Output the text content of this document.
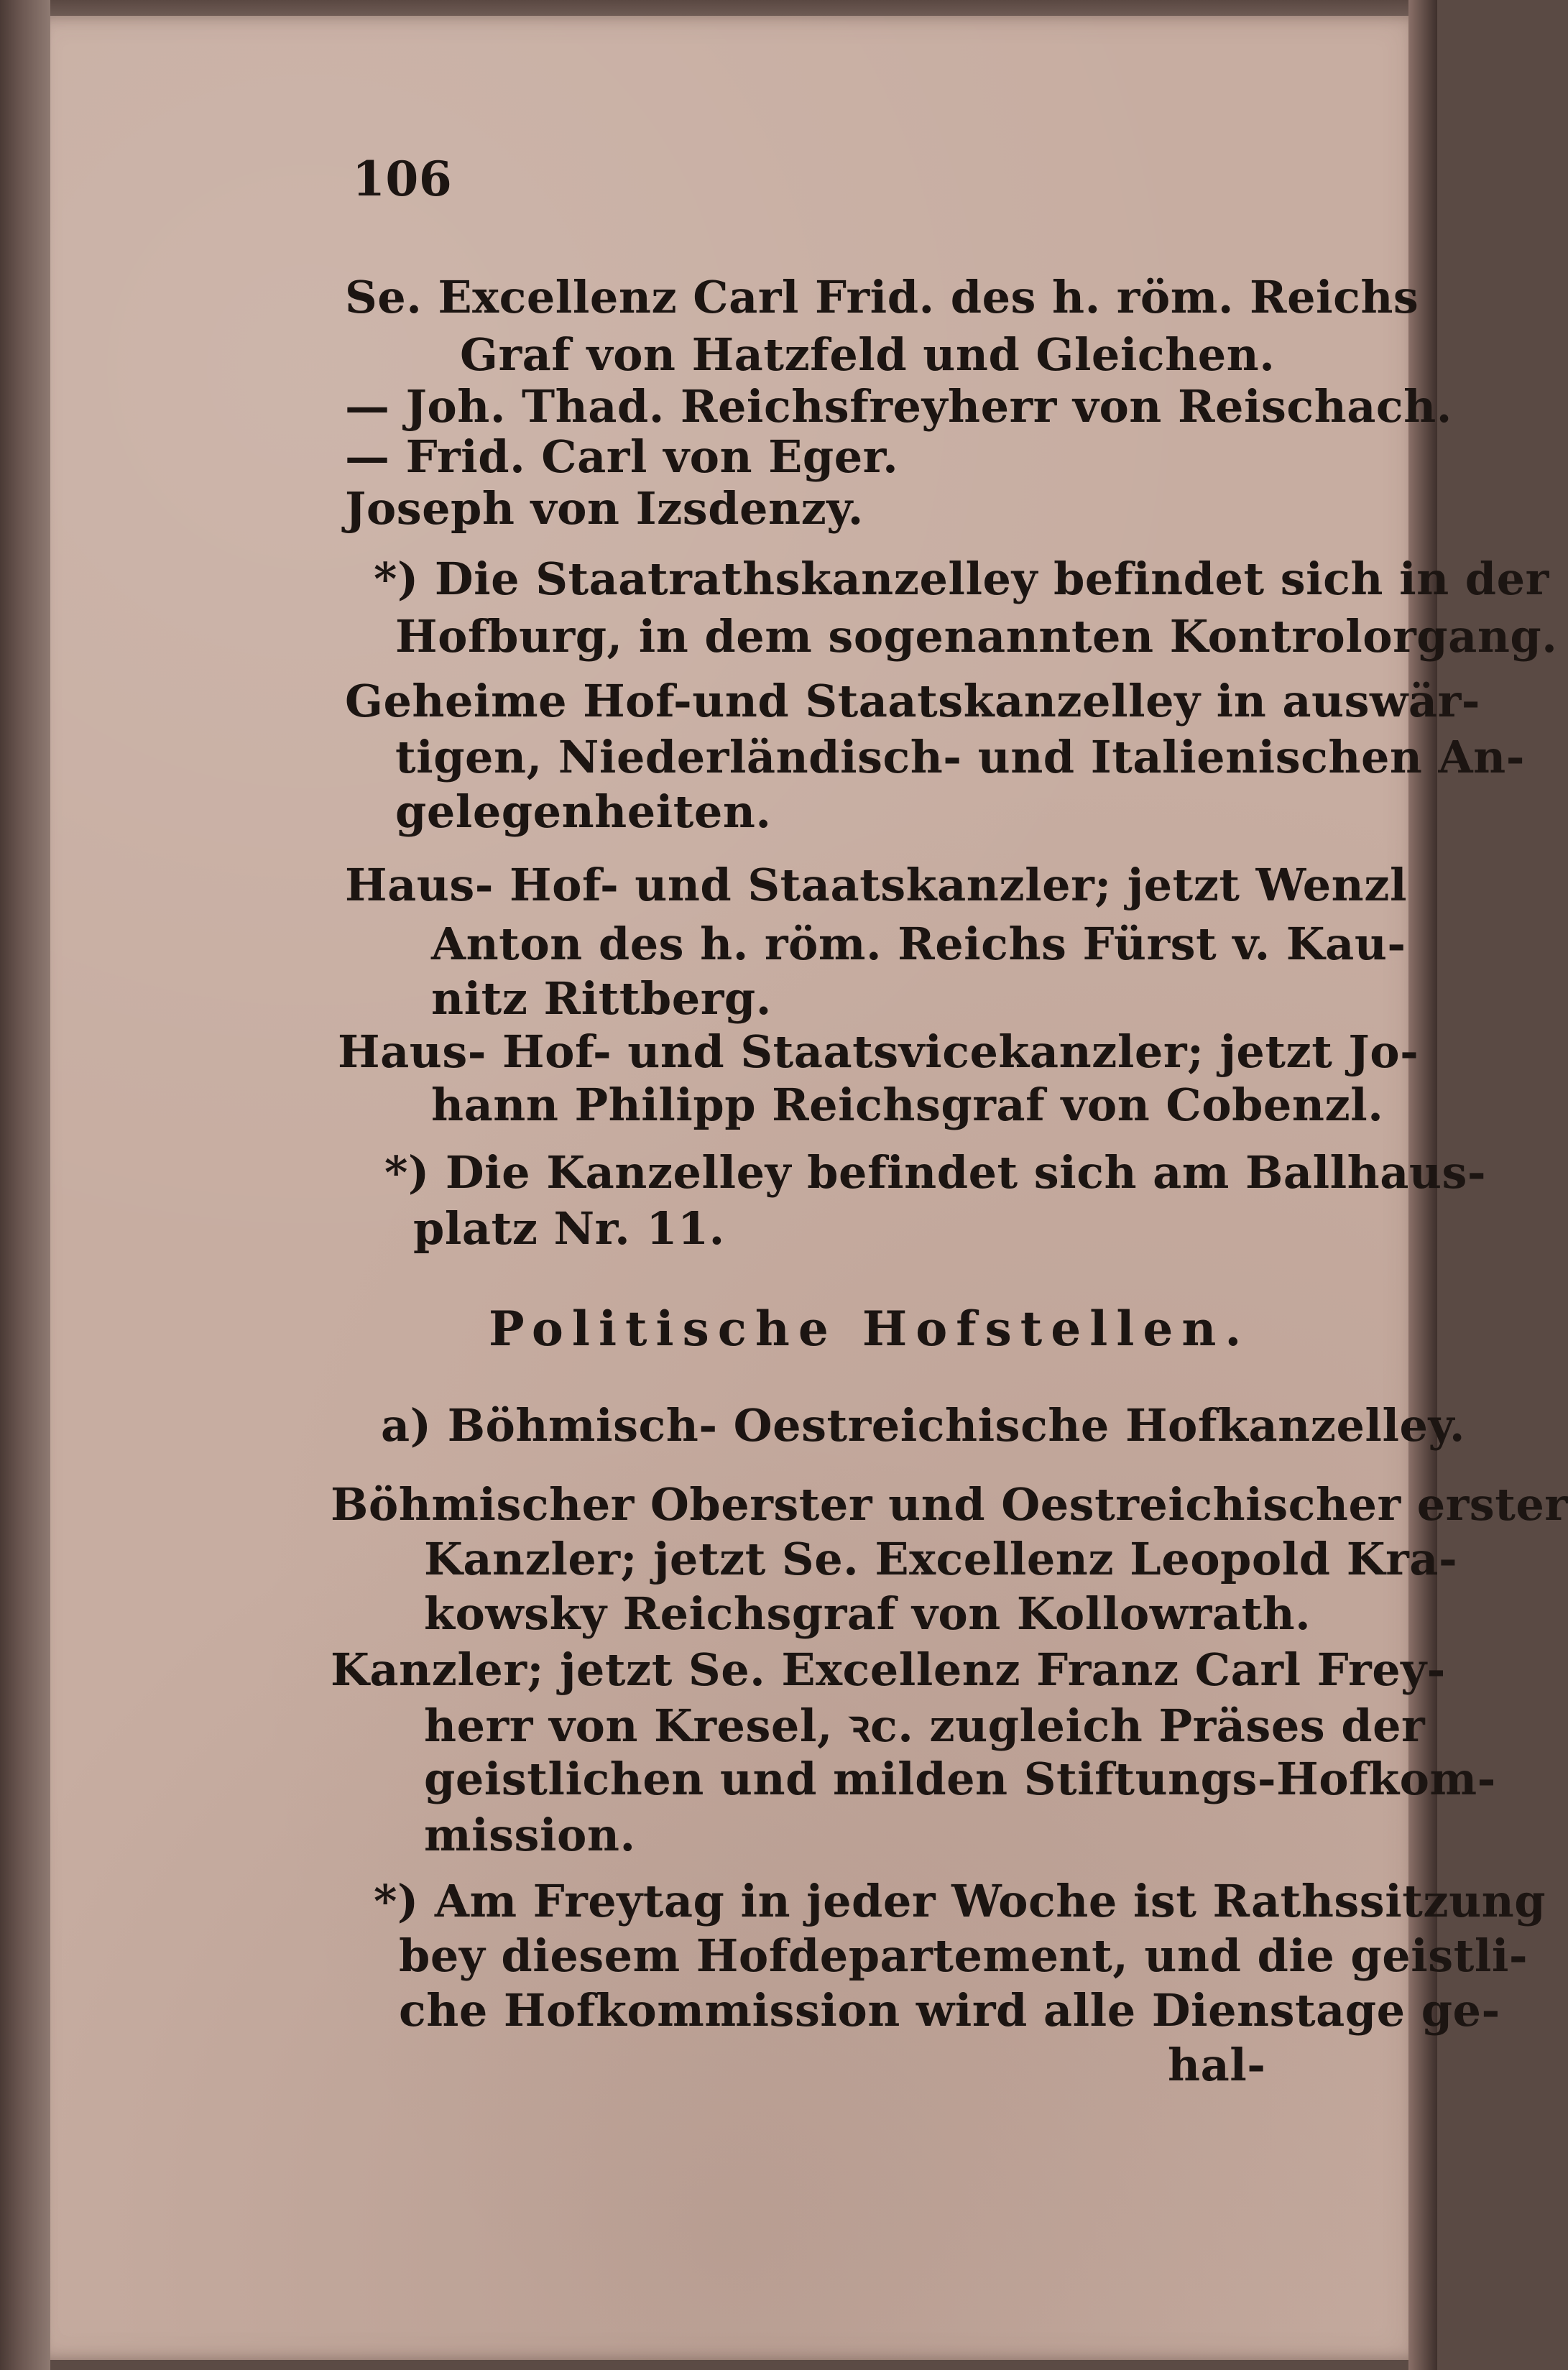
106
Se. Excellenz Carl Frid. des h. röm. Reichs
Graf von Hatzfeld und Gleichen.
— Joh. Thad. Reichsfreyherr von Reischach.
— Frid. Carl von Eger.
Joseph von Izsdenzy.
*) Die Staatrathskanzelley befindet sich in der
Hofburg, in dem sogenannten Kontrolorgang.
Geheime Hof-und Staatskanzelley in auswär-
tigen, Niederländisch- und Italienischen An-
gelegenheiten.
Haus- Hof- und Staatskanzler; jetzt Wenzl
Anton des h. röm. Reichs Fürst v. Kau-
nitz Rittberg.
Haus- Hof- und Staatsvicekanzler; jetzt Jo-
hann Philipp Reichsgraf von Cobenzl.
*) Die Kanzelley befindet sich am Ballhaus-
platz Nr. 11.
Politische Hofstellen.
a) Böhmisch- Oestreichische Hofkanzelley.
Böhmischer Oberster und Oestreichischer erster
Kanzler; jetzt Se. Excellenz Leopold Kra-
kowsky Reichsgraf von Kollowrath.
Kanzler; jetzt Se. Excellenz Franz Carl Frey-
herr von Kresel, ꝛc. zugleich Präses der
geistlichen und milden Stiftungs-Hofkom-
mission.
*) Am Freytag in jeder Woche ist Rathssitzung
bey diesem Hofdepartement, und die geistli-
che Hofkommission wird alle Dienstage ge-
hal-
